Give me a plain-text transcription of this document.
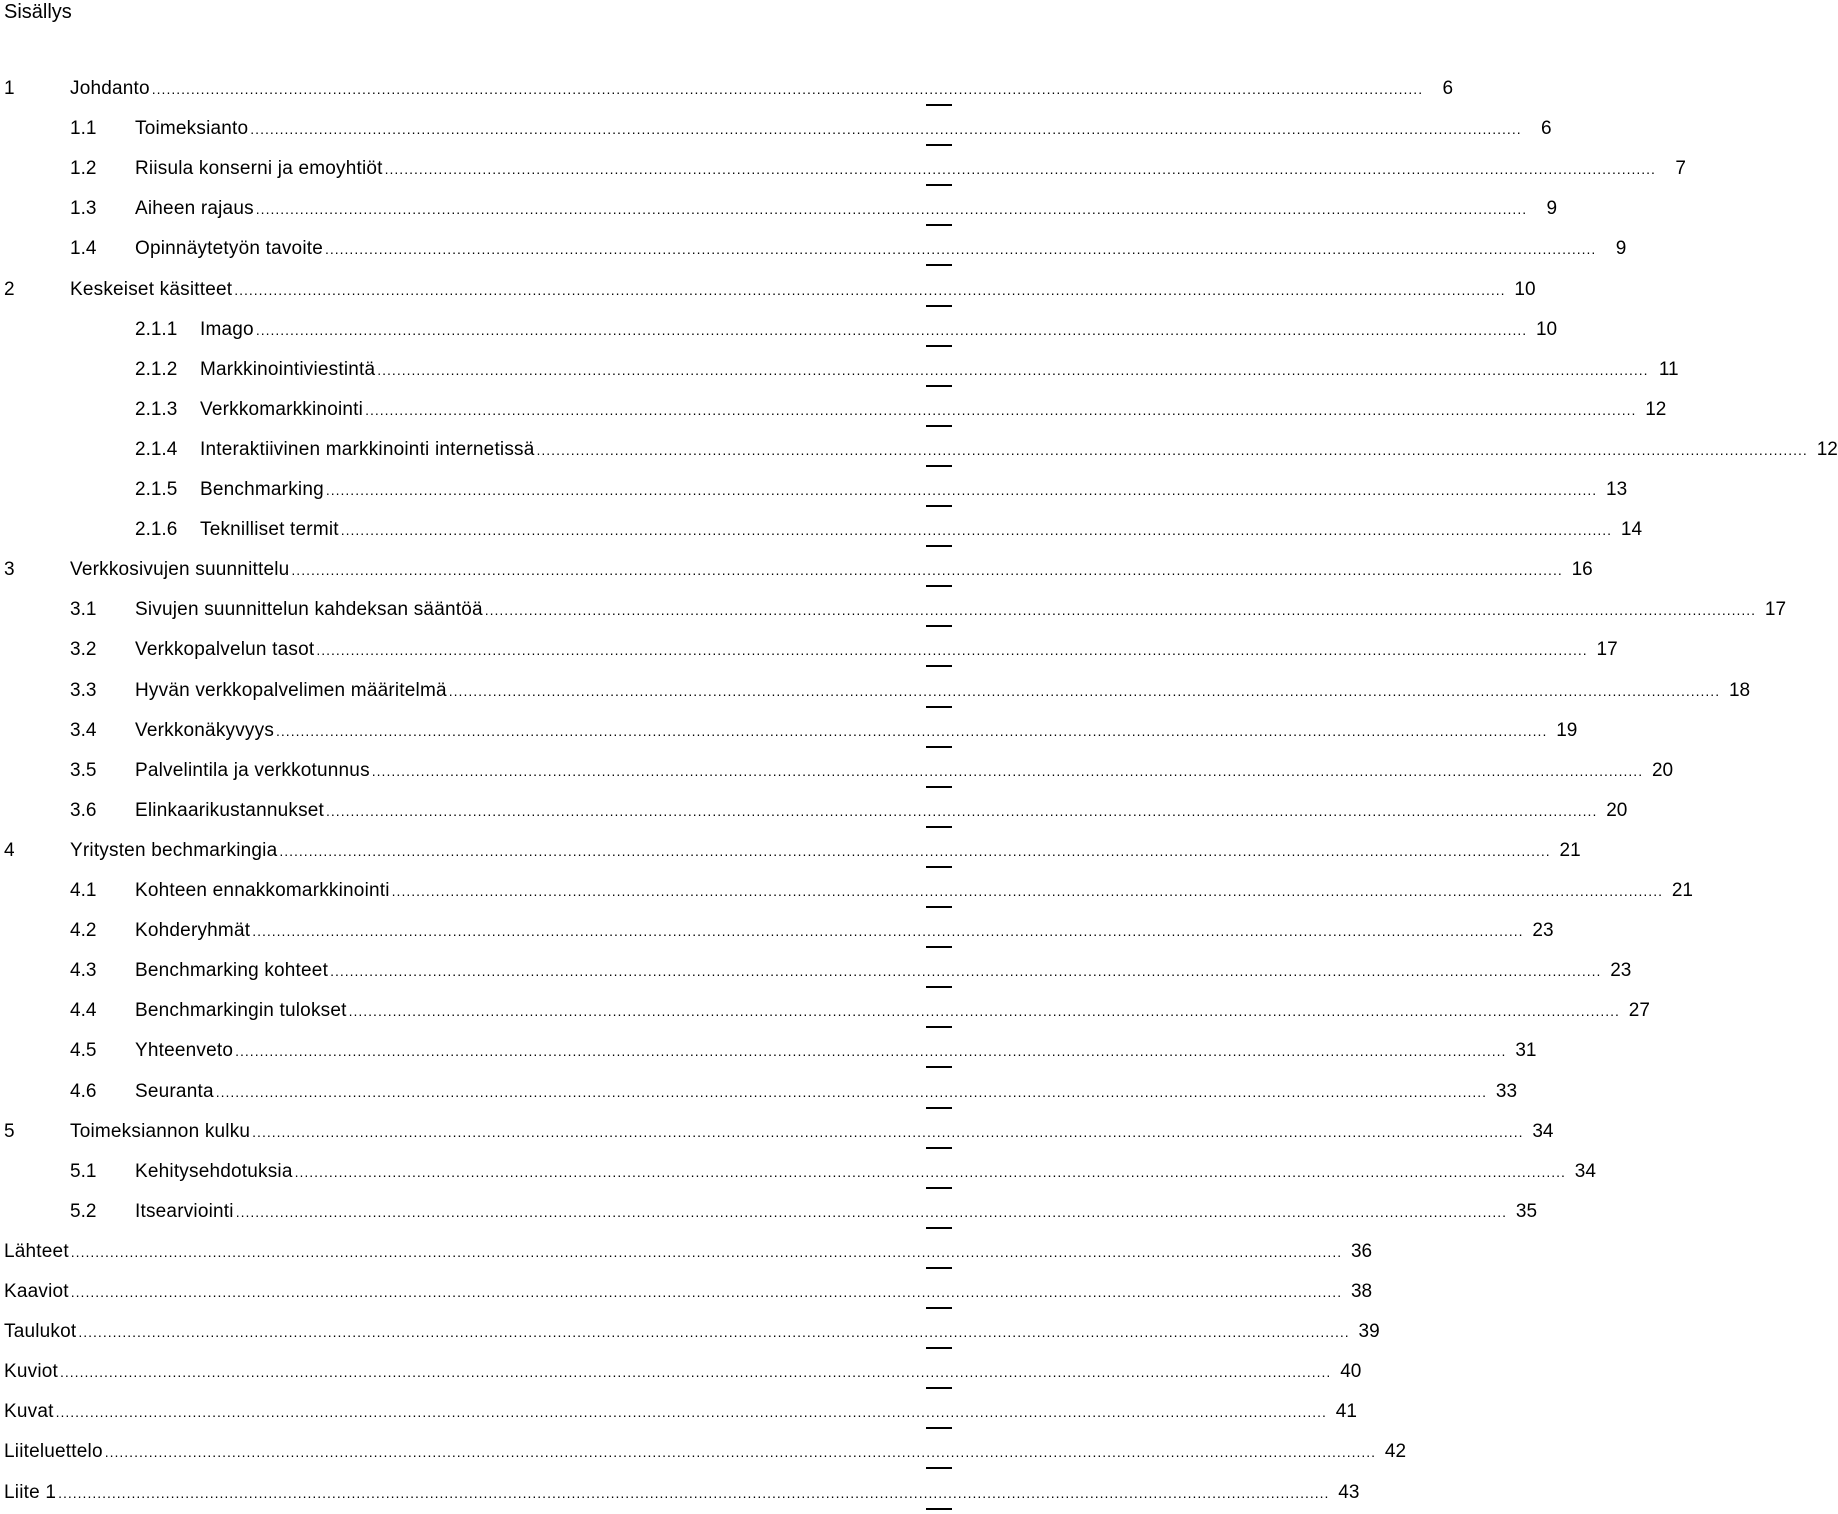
Sisällys
1	Johdanto ....................................................................................................................................................................................................................................................................	6
1.1 Toimeksianto ....................................................................................................................................................................................................................................................................	6
1.2 Riisula konserni ja emoyhtiöt ....................................................................................................................................................................................................................................................................	7
1.3 Aiheen rajaus ....................................................................................................................................................................................................................................................................	9
1.4 Opinnäytetyön tavoite ....................................................................................................................................................................................................................................................................	9
2	Keskeiset käsitteet .................................................................................................................................................................................................................................................................... 10
2.1.1 Imago .................................................................................................................................................................................................................................................................... 10
2.1.2 Markkinointiviestintä .................................................................................................................................................................................................................................................................... 11
2.1.3 Verkkomarkkinointi .................................................................................................................................................................................................................................................................... 12
2.1.4 Interaktiivinen markkinointi internetissä .................................................................................................................................................................................................................................................................... 12
2.1.5 Benchmarking .................................................................................................................................................................................................................................................................... 13
2.1.6 Teknilliset termit .................................................................................................................................................................................................................................................................... 14
3	Verkkosivujen suunnittelu .................................................................................................................................................................................................................................................................... 16
3.1 Sivujen suunnittelun kahdeksan sääntöä .................................................................................................................................................................................................................................................................... 17
3.2 Verkkopalvelun tasot .................................................................................................................................................................................................................................................................... 17
3.3 Hyvän verkkopalvelimen määritelmä .................................................................................................................................................................................................................................................................... 18
3.4 Verkkonäkyvyys .................................................................................................................................................................................................................................................................... 19
3.5 Palvelintila ja verkkotunnus .................................................................................................................................................................................................................................................................... 20
3.6 Elinkaarikustannukset .................................................................................................................................................................................................................................................................... 20
4	Yritysten bechmarkingia .................................................................................................................................................................................................................................................................... 21
4.1 Kohteen ennakkomarkkinointi .................................................................................................................................................................................................................................................................... 21
4.2 Kohderyhmät .................................................................................................................................................................................................................................................................... 23
4.3 Benchmarking kohteet .................................................................................................................................................................................................................................................................... 23
4.4 Benchmarkingin tulokset .................................................................................................................................................................................................................................................................... 27
4.5 Yhteenveto .................................................................................................................................................................................................................................................................... 31
4.6 Seuranta .................................................................................................................................................................................................................................................................... 33
5	Toimeksiannon kulku .................................................................................................................................................................................................................................................................... 34
5.1 Kehitysehdotuksia .................................................................................................................................................................................................................................................................... 34
5.2 Itsearviointi .................................................................................................................................................................................................................................................................... 35
Lähteet .................................................................................................................................................................................................................................................................... 36
Kaaviot .................................................................................................................................................................................................................................................................... 38
Taulukot .................................................................................................................................................................................................................................................................... 39
Kuviot .................................................................................................................................................................................................................................................................... 40
Kuvat .................................................................................................................................................................................................................................................................... 41
Liiteluettelo .................................................................................................................................................................................................................................................................... 42
Liite 1 .................................................................................................................................................................................................................................................................... 43
